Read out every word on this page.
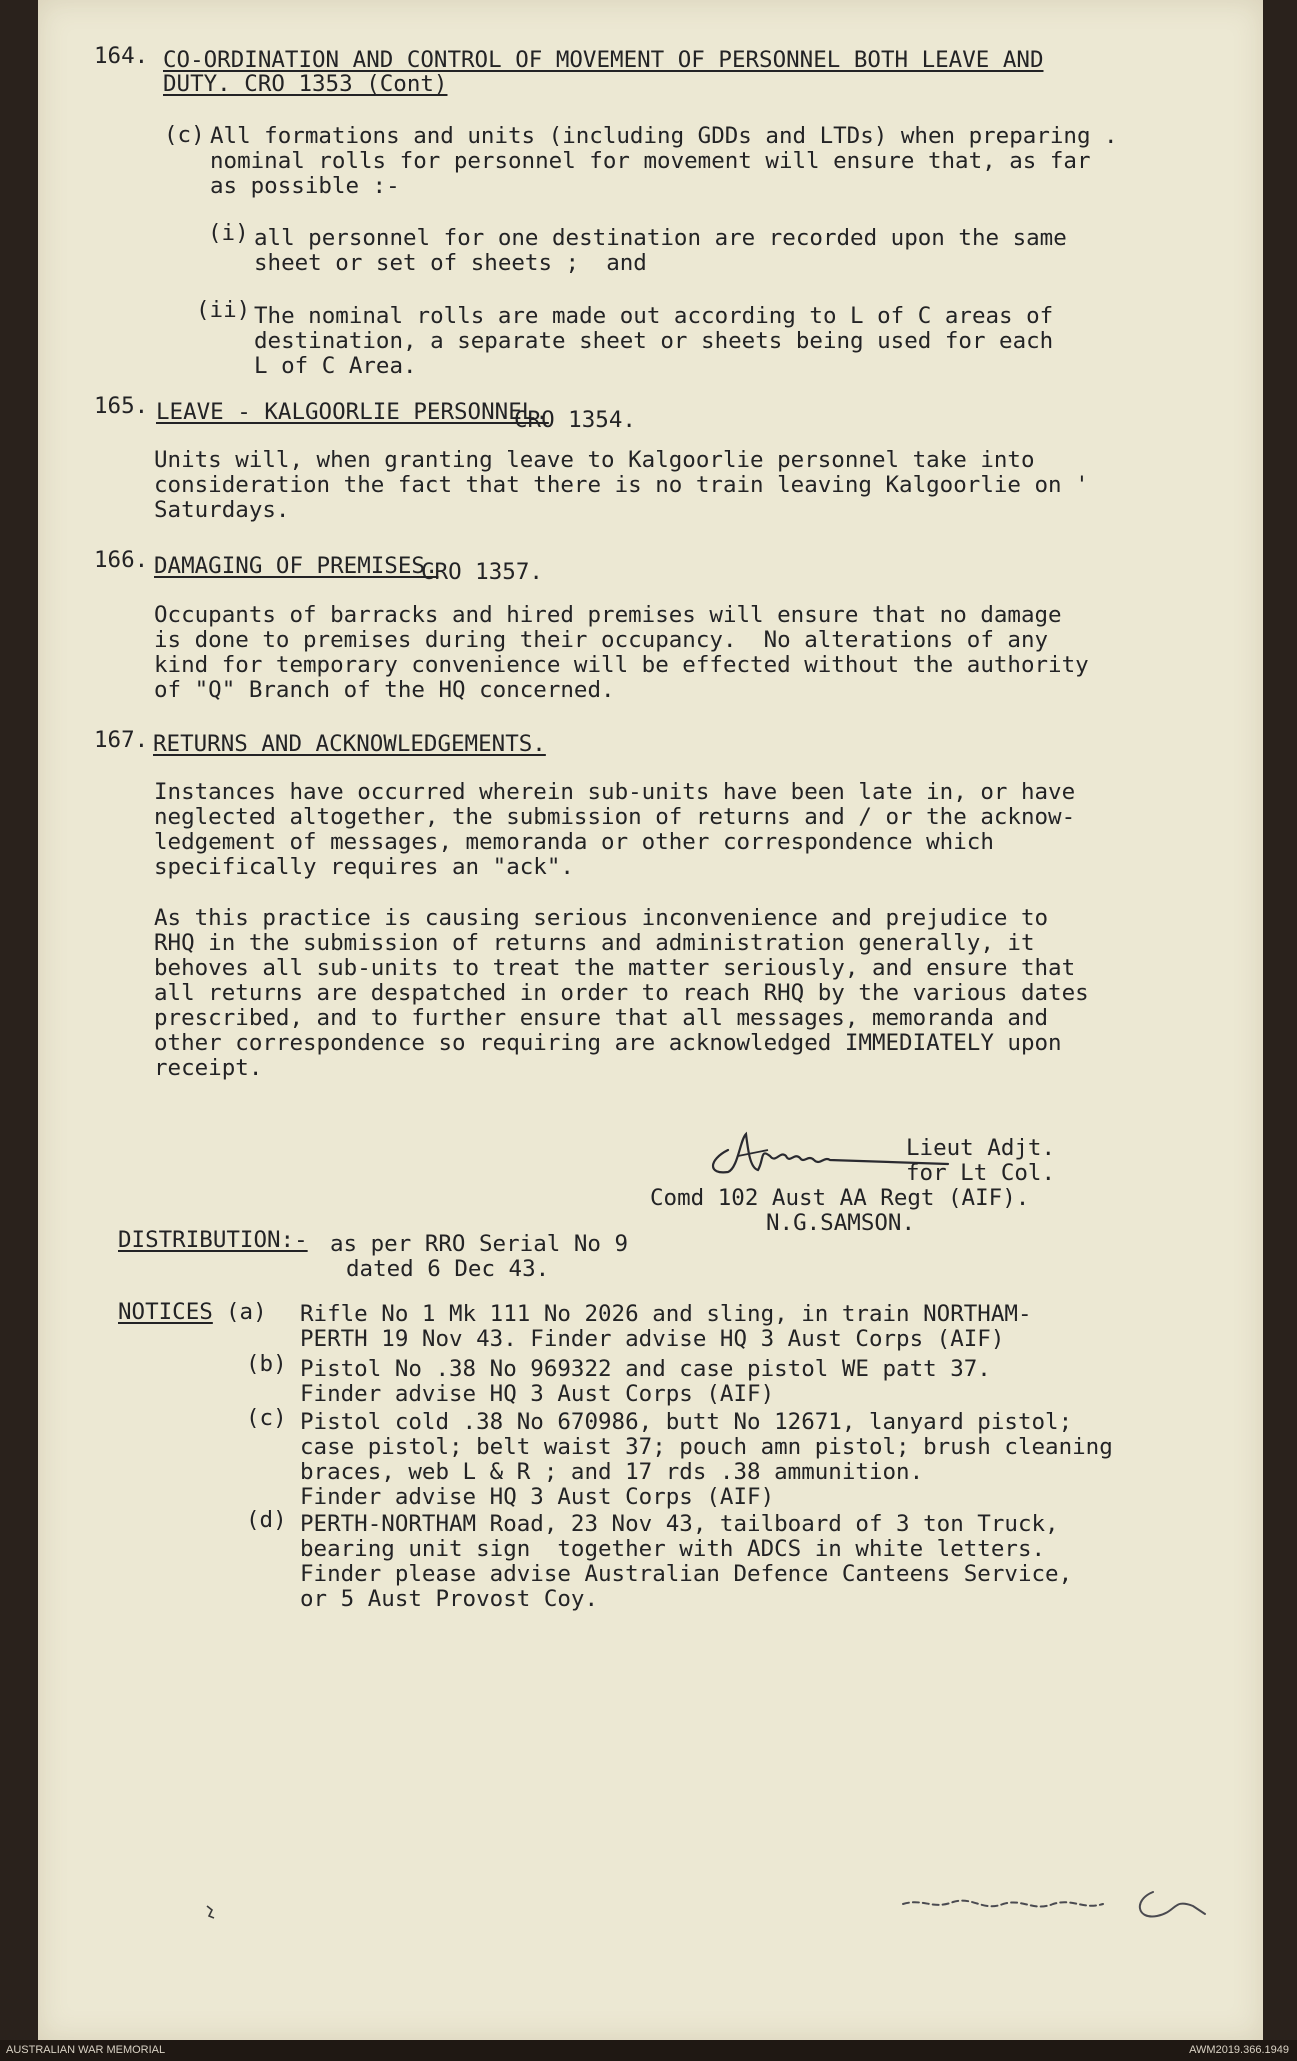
164. CO-ORDINATION AND CONTROL OF MOVEMENT OF PERSONNEL BOTH LEAVE AND
DUTY. CRO 1353 (Cont)
(c) All formations and units (including GDDs and LTDs) when preparing .
nominal rolls for personnel for movement will ensure that, as far
as possible :-
(i) all personnel for one destination are recorded upon the same
sheet or set of sheets ;  and
(ii) The nominal rolls are made out according to L of C areas of
destination, a separate sheet or sheets being used for each
L of C Area.
165. LEAVE - KALGOORLIE PERSONNEL.
CRO 1354.
Units will, when granting leave to Kalgoorlie personnel take into
consideration the fact that there is no train leaving Kalgoorlie on '
Saturdays.
166. DAMAGING OF PREMISES.
CRO 1357.
Occupants of barracks and hired premises will ensure that no damage
is done to premises during their occupancy.  No alterations of any
kind for temporary convenience will be effected without the authority
of "Q" Branch of the HQ concerned.
167. RETURNS AND ACKNOWLEDGEMENTS.
Instances have occurred wherein sub-units have been late in, or have
neglected altogether, the submission of returns and / or the acknow-
ledgement of messages, memoranda or other correspondence which
specifically requires an "ack".
As this practice is causing serious inconvenience and prejudice to
RHQ in the submission of returns and administration generally, it
behoves all sub-units to treat the matter seriously, and ensure that
all returns are despatched in order to reach RHQ by the various dates
prescribed, and to further ensure that all messages, memoranda and
other correspondence so requiring are acknowledged IMMEDIATELY upon
receipt.
Lieut Adjt.
for Lt Col.
Comd 102 Aust AA Regt (AIF).
N.G.SAMSON.
DISTRIBUTION:- as per RRO Serial No 9
dated 6 Dec 43.
NOTICES (a) Rifle No 1 Mk 111 No 2026 and sling, in train NORTHAM-
PERTH 19 Nov 43. Finder advise HQ 3 Aust Corps (AIF)
(b) Pistol No .38 No 969322 and case pistol WE patt 37.
Finder advise HQ 3 Aust Corps (AIF)
(c) Pistol cold .38 No 670986, butt No 12671, lanyard pistol;
case pistol; belt waist 37; pouch amn pistol; brush cleaning
braces, web L & R ; and 17 rds .38 ammunition.
Finder advise HQ 3 Aust Corps (AIF)
(d) PERTH-NORTHAM Road, 23 Nov 43, tailboard of 3 ton Truck,
bearing unit sign  together with ADCS in white letters.
Finder please advise Australian Defence Canteens Service,
or 5 Aust Provost Coy.
AUSTRALIAN WAR MEMORIAL	AWM2019.366.1949
